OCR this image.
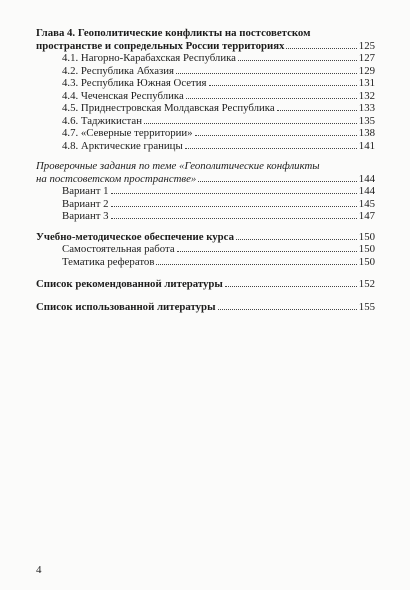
Глава 4. Геополитические конфликты на постсоветском
пространстве и сопредельных России территориях	125
4.1. Нагорно-Карабахская Республика	127
4.2. Республика Абхазия	129
4.3. Республика Южная Осетия	131
4.4. Чеченская Республика	132
4.5. Приднестровская Молдавская Республика	133
4.6. Таджикистан	135
4.7. «Северные территории»	138
4.8. Арктические границы	141
Проверочные задания по теме «Геополитические конфликты
на постсоветском пространстве»	144
Вариант 1	144
Вариант 2	145
Вариант 3	147
Учебно-методическое обеспечение курса	150
Самостоятельная работа	150
Тематика рефератов	150
Список рекомендованной литературы	152
Список использованной литературы	155
4
